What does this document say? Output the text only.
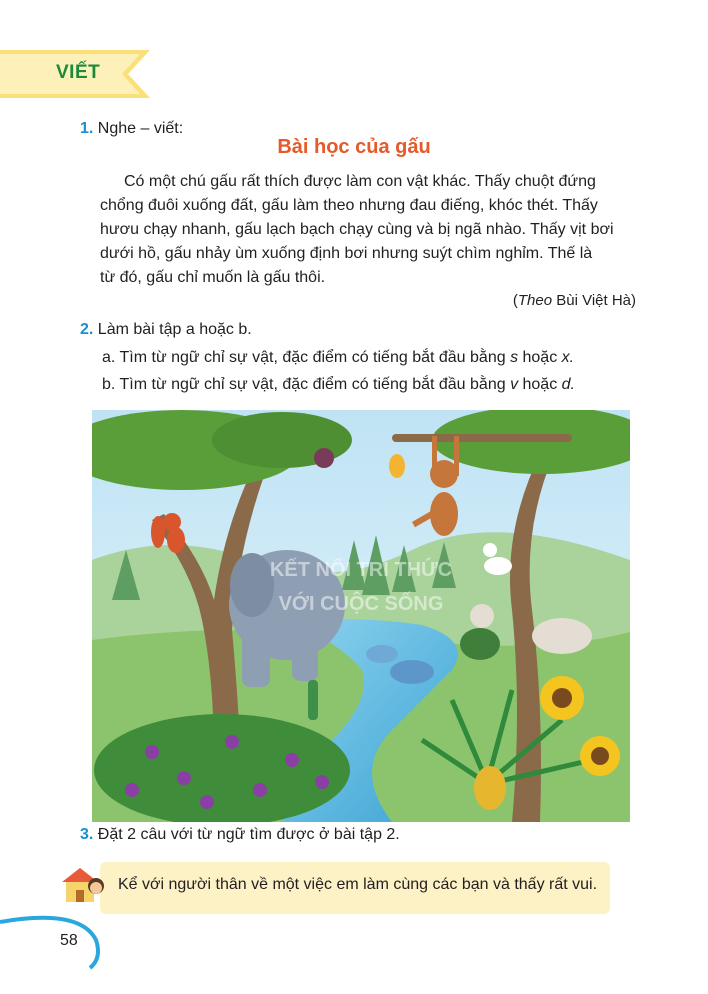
VIẾT
1. Nghe – viết:
Bài học của gấu
Có một chú gấu rất thích được làm con vật khác. Thấy chuột đứng
chổng đuôi xuống đất, gấu làm theo nhưng đau điếng, khóc thét. Thấy
hươu chạy nhanh, gấu lạch bạch chạy cùng và bị ngã nhào. Thấy vịt bơi
dưới hồ, gấu nhảy ùm xuống định bơi nhưng suýt chìm nghỉm. Thế là
từ đó, gấu chỉ muốn là gấu thôi.
(Theo Bùi Việt Hà)
2. Làm bài tập a hoặc b.
a. Tìm từ ngữ chỉ sự vật, đặc điểm có tiếng bắt đầu bằng s hoặc x.
b. Tìm từ ngữ chỉ sự vật, đặc điểm có tiếng bắt đầu bằng v hoặc d.
KẾT NỐI TRI THỨC
VỚI CUỘC SỐNG
3. Đặt 2 câu với từ ngữ tìm được ở bài tập 2.
Kể với người thân về một việc em làm cùng các bạn và thấy rất vui.
58
